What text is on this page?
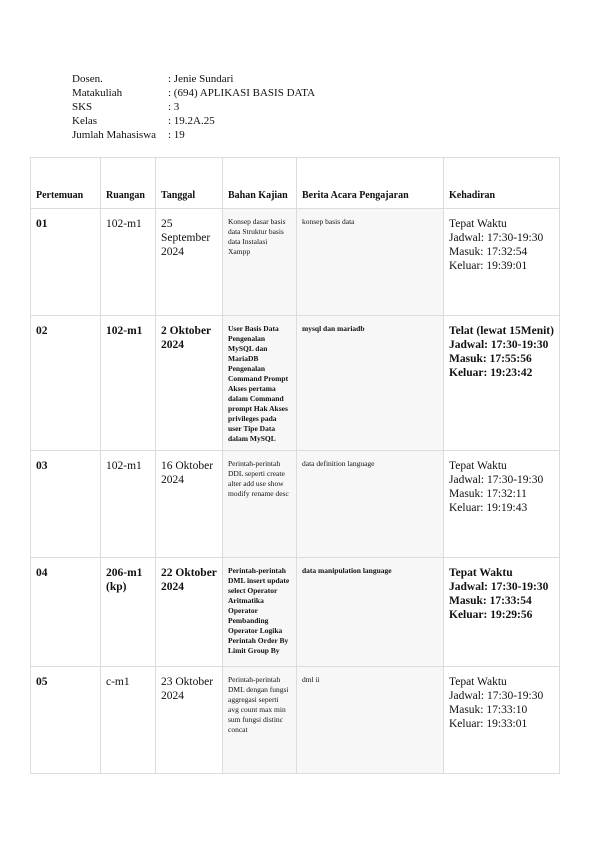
Dosen.	: Jenie Sundari
Matakuliah	: (694) APLIKASI BASIS DATA
SKS	: 3
Kelas	: 19.2A.25
Jumlah Mahasiswa	: 19
Pertemuan	Ruangan	Tanggal	Bahan Kajian	Berita Acara Pengajaran	Kehadiran
01	102-m1	25 September 2024	Konsep dasar basis data Struktur basis data Instalasi Xampp	konsep basis data	Tepat Waktu
Jadwal: 17:30-19:30
Masuk: 17:32:54
Keluar: 19:39:01

02	102-m1	2 Oktober 2024	User Basis Data Pengenalan MySQL dan MariaDB Pengenalan Command Prompt Akses pertama dalam Command prompt Hak Akses privileges pada user Tipe Data dalam MySQL	mysql dan mariadb	Telat (lewat 15Menit)
Jadwal: 17:30-19:30
Masuk: 17:55:56
Keluar: 19:23:42

03	102-m1	16 Oktober 2024	Perintah-perintah DDL seperti create alter add use show modify rename desc	data definition language	Tepat Waktu
Jadwal: 17:30-19:30
Masuk: 17:32:11
Keluar: 19:19:43

04	206-m1 (kp)	22 Oktober 2024	Perintah-perintah DML insert update select Operator Aritmatika Operator Pembanding Operator Logika Perintah Order By Limit Group By	data manipulation language	Tepat Waktu
Jadwal: 17:30-19:30
Masuk: 17:33:54
Keluar: 19:29:56

05	c-m1	23 Oktober 2024	Perintah-perintah DML dengan fungsi aggregasi seperti avg count max min sum fungsi distinc concat	dml ii	Tepat Waktu
Jadwal: 17:30-19:30
Masuk: 17:33:10
Keluar: 19:33:01
